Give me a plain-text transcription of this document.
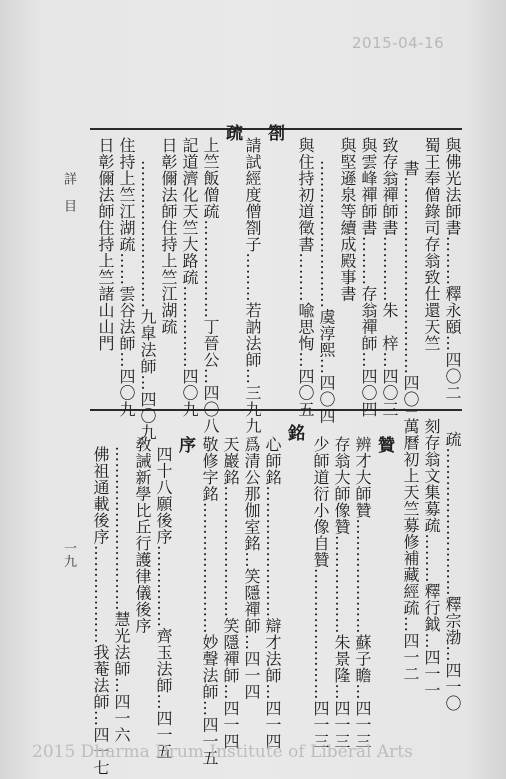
2015-04-16
與佛光法師書………釋永頤…四〇二
蜀王奉僧錄司存翁致仕還天竺
書………………………………四〇二
致存翁禪師書…………朱　梓…四〇三
與雲峰禪師書………存翁禪師…四〇四
與堅遜泉等續成殿事書
………………………虞淳熙…四〇四
與住持初道徵書………喩思恂…四〇五
劄
請試經度僧劄子………若訥法師…三九九
疏
上竺飯僧疏………………丁晉公…四〇八
記道濟化天竺大路疏……………四〇九
日彰儞法師住持上竺江湖疏
………………………九皐法師…四〇九
住持上竺江湖疏……雲谷法師…四〇九
日彰儞法師住持上竺諸山山門
疏………………………釋宗渤…四一〇
刻存翁文集募疏………釋行鉞…四一一
萬曆初上天竺募修補藏經疏…四一二
贊
辨才大師贊…………………蘇子瞻…四一三
存翁大師像贊………………朱景隆…四一三
少師道衍小像自贊……………………四一三
銘
心師銘……………………辯才法師…四一四
爲清公那伽室銘…笑隱禪師…四一四
天巖銘……………………笑隱禪師…四一四
敬修字銘……………………妙聲法師…四一五
序
四十八願後序……………齊玉法師…四一五
敎誡新學比丘行護律儀後序
…………………………慧光法師…四一六
佛祖通載後序………………我菴法師…四一七
詳　目
一九
2015 Dharma Drum Institute of Liberal Arts
